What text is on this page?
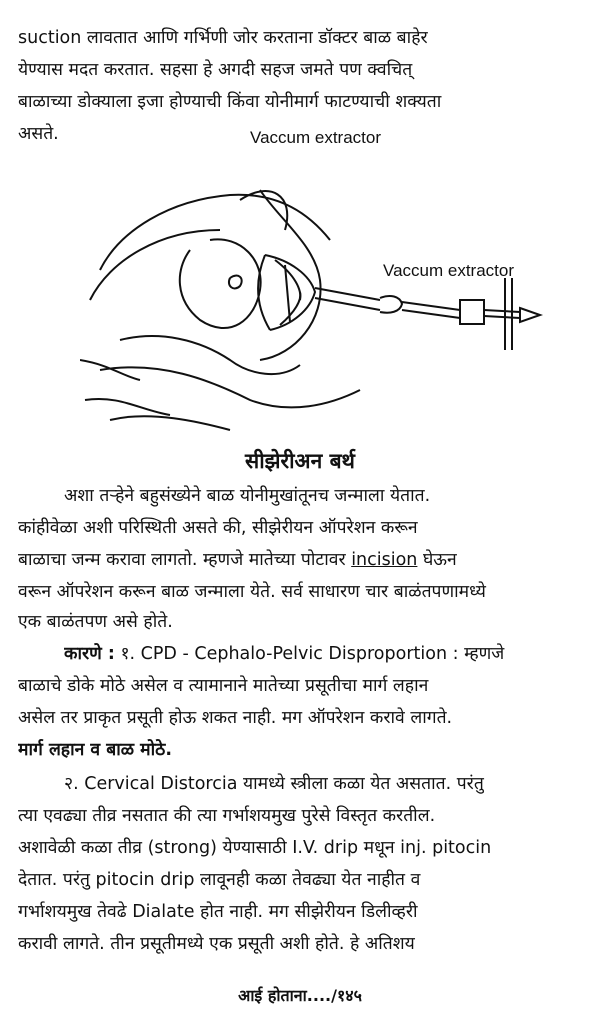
suction लावतात आणि गर्भिणी जोर करताना डॉक्टर बाळ बाहेर
येण्यास मदत करतात. सहसा हे अगदी सहज जमते पण क्वचित्
बाळाच्या डोक्याला इजा होण्याची किंवा योनीमार्ग फाटण्याची शक्यता
असते.	Vaccum extractor
Vaccum extractor
सीझेरीअन बर्थ
अशा तऱ्हेने बहुसंख्येने बाळ योनीमुखांतूनच जन्माला येतात.
कांहीवेळा अशी परिस्थिती असते की, सीझेरीयन ऑपरेशन करून
बाळाचा जन्म करावा लागतो. म्हणजे मातेच्या पोटावर incision घेऊन
वरून ऑपरेशन करून बाळ जन्माला येते. सर्व साधारण चार बाळंतपणामध्ये
एक बाळंतपण असे होते.
कारणे : १. CPD - Cephalo-Pelvic Disproportion : म्हणजे
बाळाचे डोके मोठे असेल व त्यामानाने मातेच्या प्रसूतीचा मार्ग लहान
असेल तर प्राकृत प्रसूती होऊ शकत नाही. मग ऑपरेशन करावे लागते.
मार्ग लहान व बाळ मोठे.
२. Cervical Distorcia यामध्ये स्त्रीला कळा येत असतात. परंतु
त्या एवढ्या तीव्र नसतात की त्या गर्भाशयमुख पुरेसे विस्तृत करतील.
अशावेळी कळा तीव्र (strong) येण्यासाठी I.V. drip मधून inj. pitocin
देतात. परंतु pitocin drip लावूनही कळा तेवढ्या येत नाहीत व
गर्भाशयमुख तेवढे Dialate होत नाही. मग सीझेरीयन डिलीव्हरी
करावी लागते. तीन प्रसूतीमध्ये एक प्रसूती अशी होते. हे अतिशय
आई होताना..../१४५
